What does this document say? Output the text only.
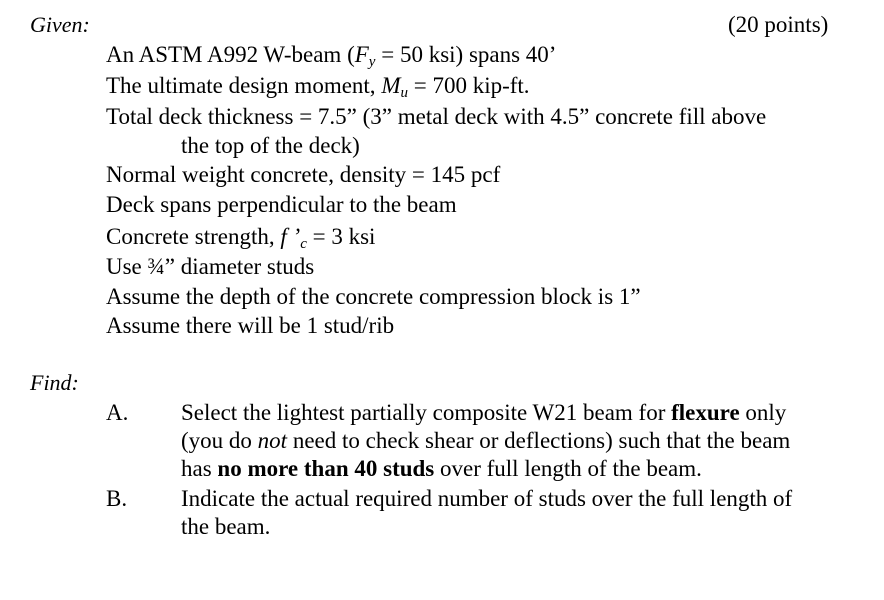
Given:	(20 points)
An ASTM A992 W-beam ($F_y = 50$ ksi) spans 40’
The ultimate design moment, $M_u = 700$ kip-ft.
Total deck thickness = 7.5” (3” metal deck with 4.5” concrete fill above
the top of the deck)
Normal weight concrete, density = 145 pcf
Deck spans perpendicular to the beam
Concrete strength, f $’_c = 3$ ksi
Use ¾” diameter studs
Assume the depth of the concrete compression block is 1”
Assume there will be 1 stud/rib
Find:
A. Select the lightest partially composite W21 beam for flexure only
(you do not need to check shear or deflections) such that the beam
has no more than 40 studs over full length of the beam.
B. Indicate the actual required number of studs over the full length of
the beam.
